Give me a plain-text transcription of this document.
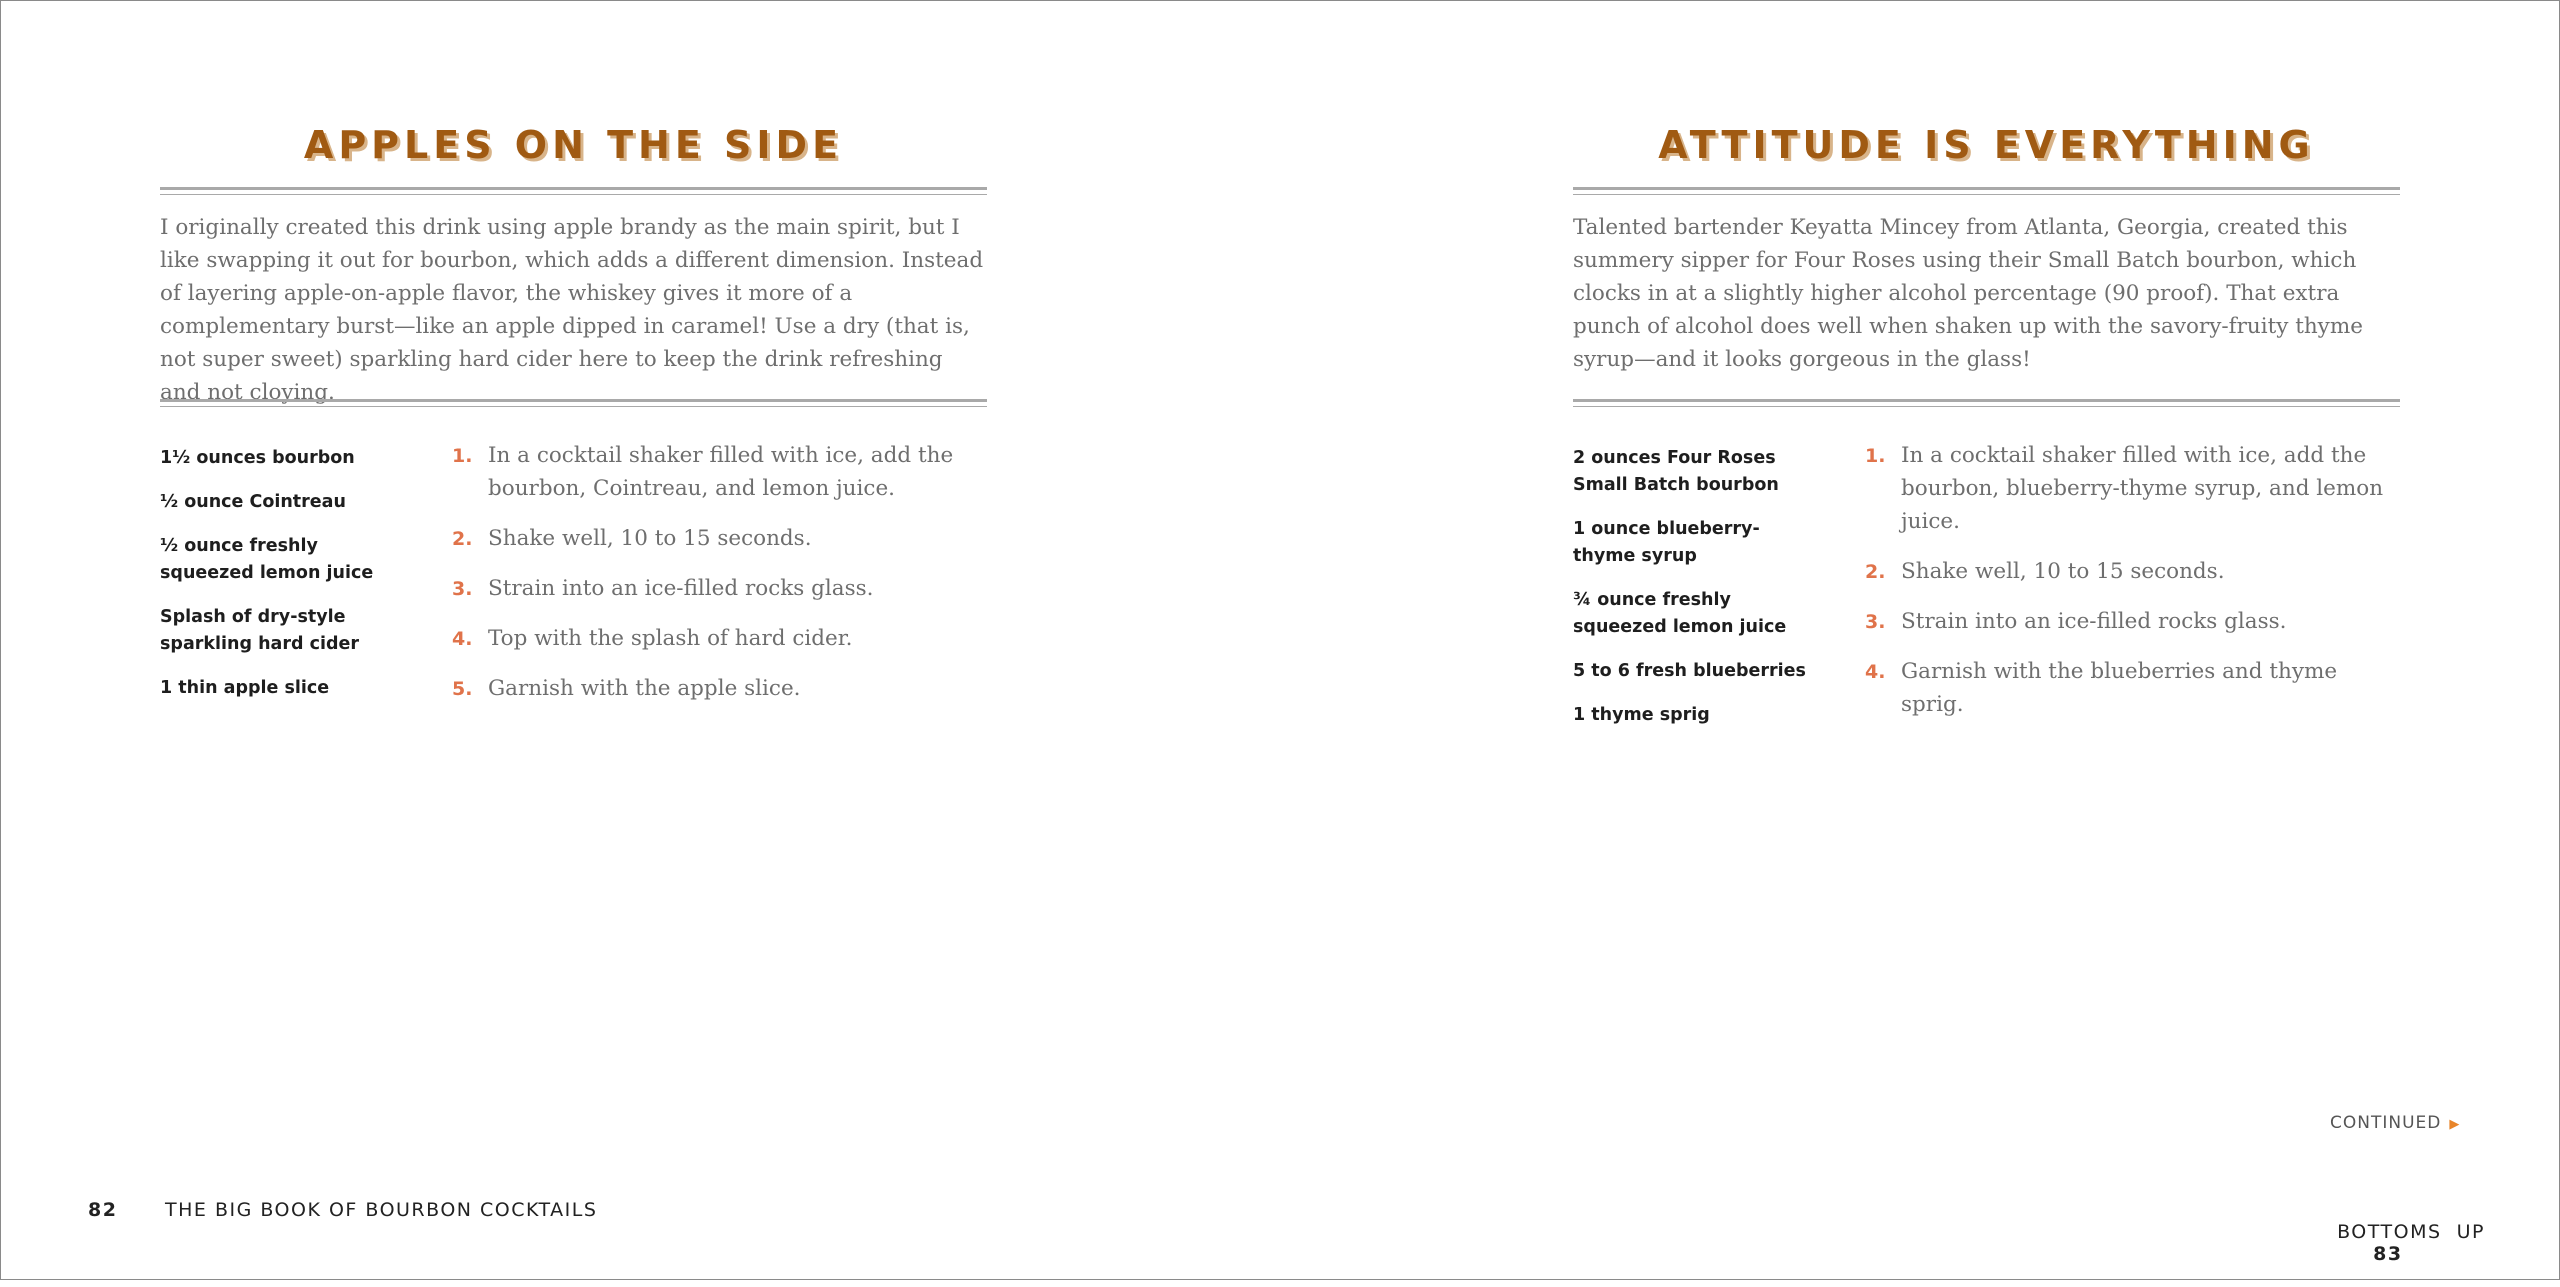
APPLES ON THE SIDE

I originally created this drink using apple brandy as the main spirit, but I like swapping it out for bourbon, which adds a different dimension. Instead of layering apple-on-apple flavor, the whiskey gives it more of a complementary burst—like an apple dipped in caramel! Use a dry (that is, not super sweet) sparkling hard cider here to keep the drink refreshing and not cloying.

1½ ounces bourbon
½ ounce Cointreau
½ ounce freshly squeezed lemon juice
Splash of dry-style sparkling hard cider
1 thin apple slice
1. In a cocktail shaker filled with ice, add the bourbon, Cointreau, and lemon juice.
2. Shake well, 10 to 15 seconds.
3. Strain into an ice-filled rocks glass.
4. Top with the splash of hard cider.
5. Garnish with the apple slice.
82	THE BIG BOOK OF BOURBON COCKTAILS
ATTITUDE IS EVERYTHING

Talented bartender Keyatta Mincey from Atlanta, Georgia, created this summery sipper for Four Roses using their Small Batch bourbon, which clocks in at a slightly higher alcohol percentage (90 proof). That extra punch of alcohol does well when shaken up with the savory-fruity thyme syrup—and it looks gorgeous in the glass!

2 ounces Four Roses Small Batch bourbon
1 ounce blueberry-thyme syrup
¾ ounce freshly squeezed lemon juice
5 to 6 fresh blueberries
1 thyme sprig
1. In a cocktail shaker filled with ice, add the bourbon, blueberry-thyme syrup, and lemon juice.
2. Shake well, 10 to 15 seconds.
3. Strain into an ice-filled rocks glass.
4. Garnish with the blueberries and thyme sprig.
CONTINUED ▶

BOTTOMS  UP
83
